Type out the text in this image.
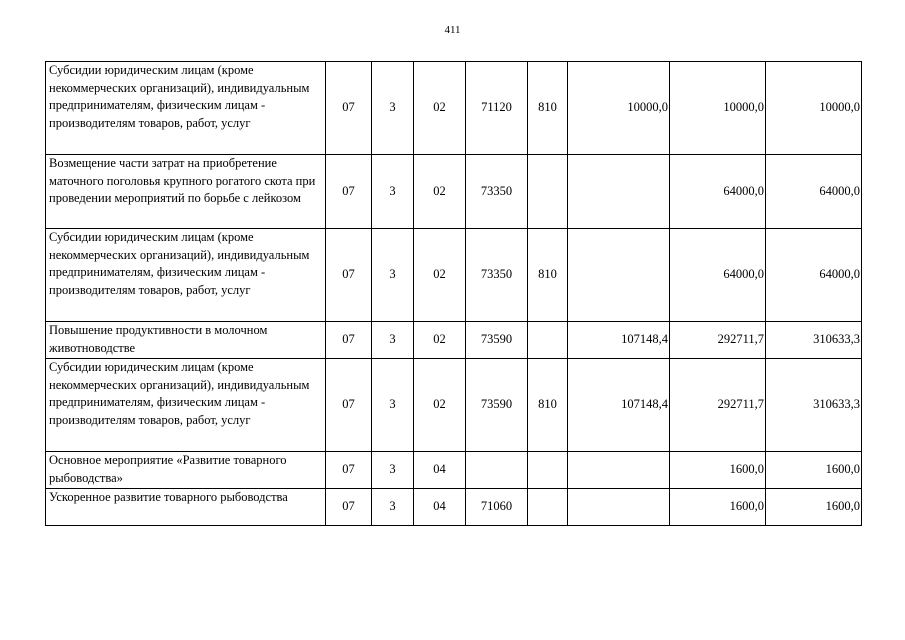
411
Субсидии юридическим лицам (кроме некоммерческих организаций), индивидуальным предпринимателям, физическим лицам - производителям товаров, работ, услуг	07	3	02	71120	810	10000,0	10000,0	10000,0
Возмещение части затрат на приобретение маточного поголовья крупного рогатого скота при проведении мероприятий по борьбе с лейкозом	07	3	02	73350			64000,0	64000,0
Субсидии юридическим лицам (кроме некоммерческих организаций), индивидуальным предпринимателям, физическим лицам - производителям товаров, работ, услуг	07	3	02	73350	810		64000,0	64000,0
Повышение продуктивности в молочном животноводстве	07	3	02	73590		107148,4	292711,7	310633,3
Субсидии юридическим лицам (кроме некоммерческих организаций), индивидуальным предпринимателям, физическим лицам - производителям товаров, работ, услуг	07	3	02	73590	810	107148,4	292711,7	310633,3
Основное мероприятие «Развитие товарного рыбоводства»	07	3	04				1600,0	1600,0
Ускоренное развитие товарного рыбоводства	07	3	04	71060			1600,0	1600,0
